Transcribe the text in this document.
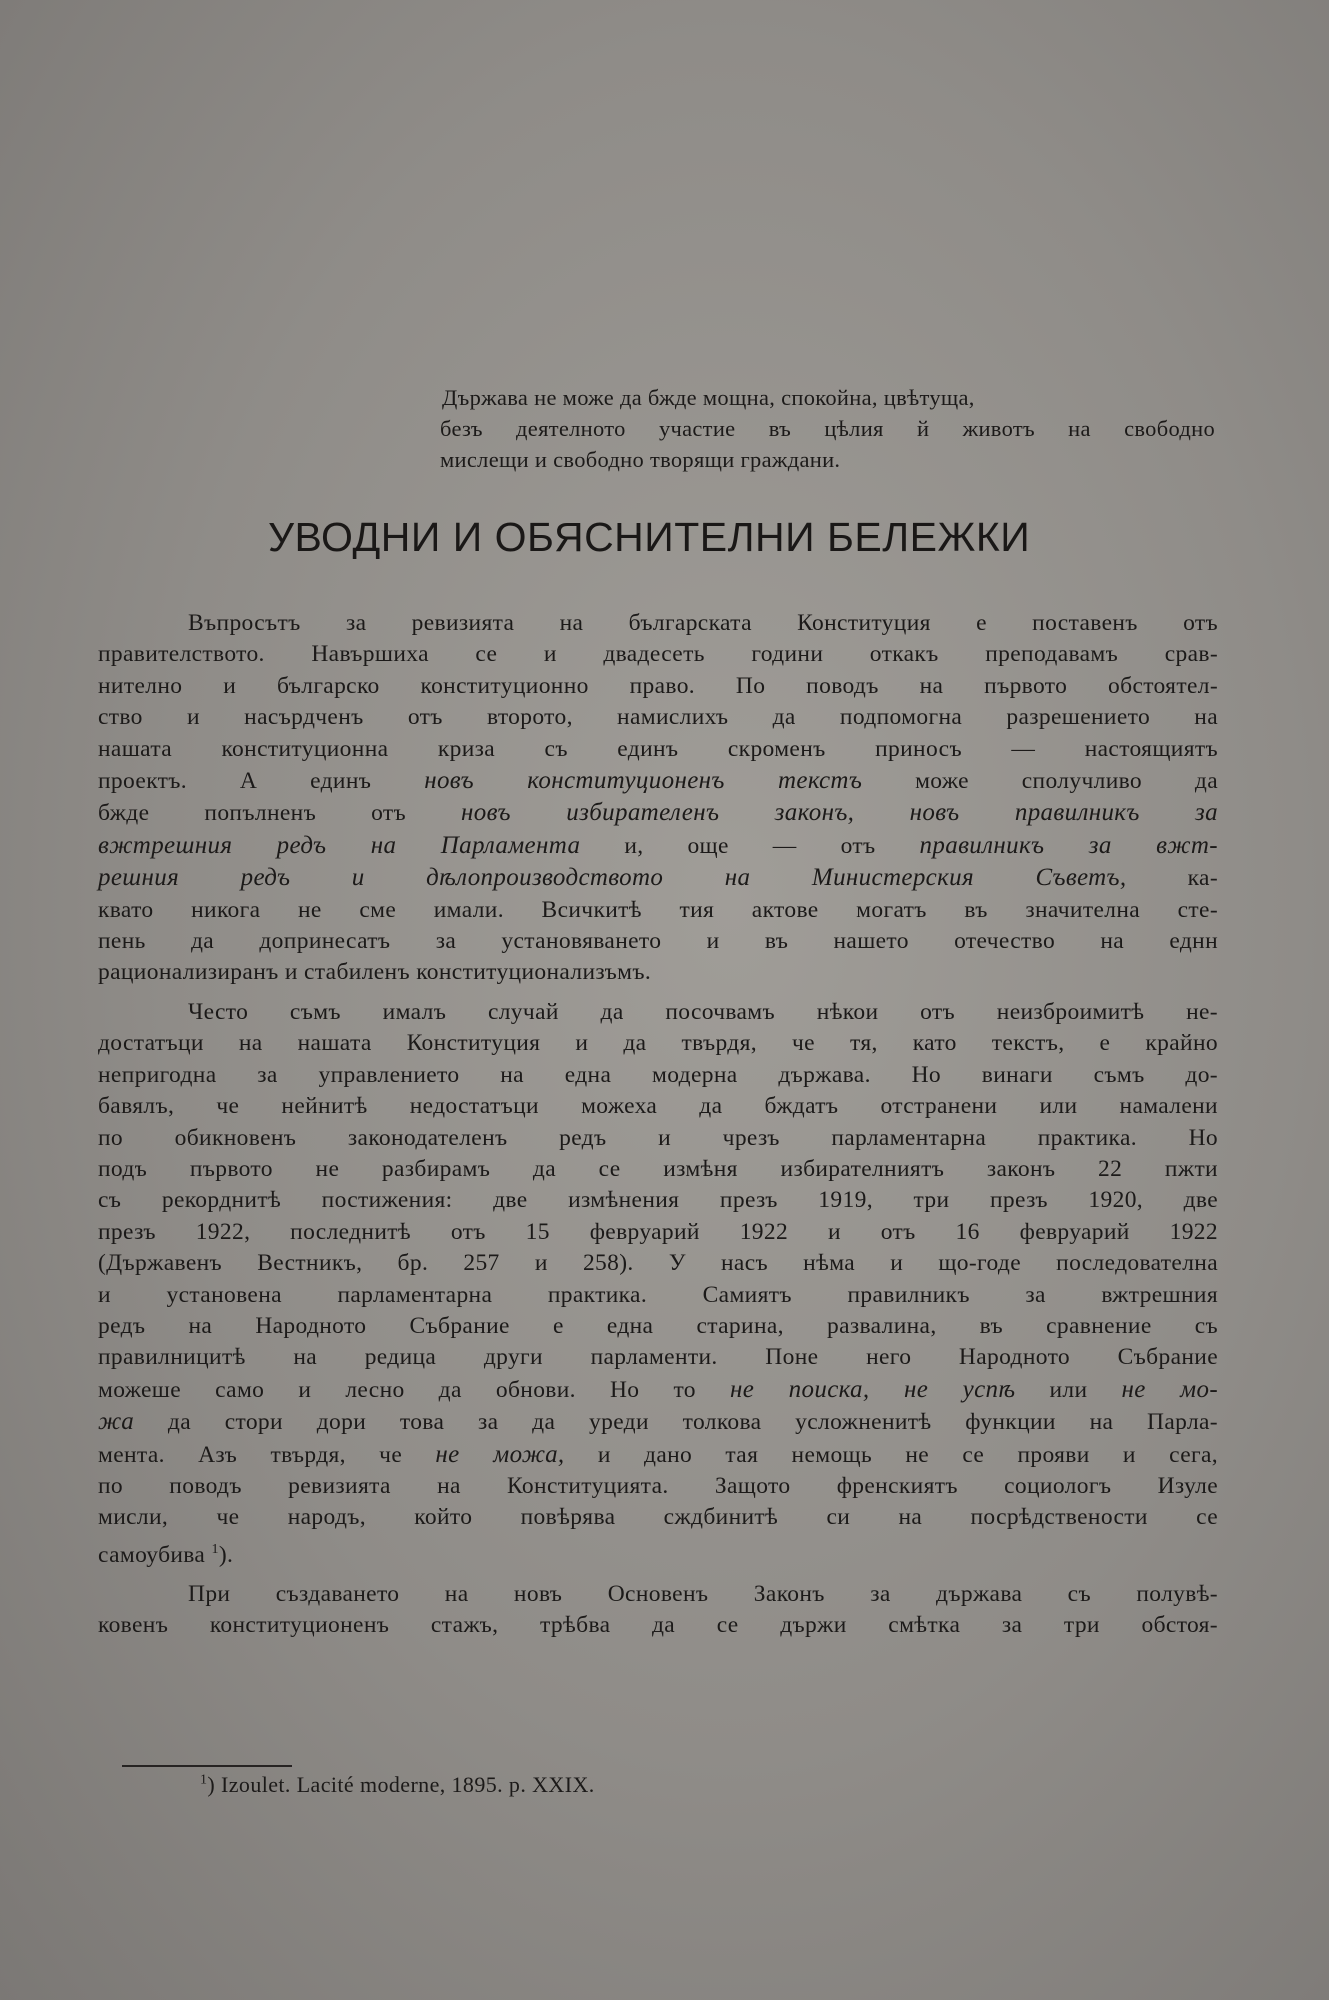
Държава не може да бжде мощна, спокойна, цвѣтуща,
безъ деятелното участие въ цѣлия й животъ на свободно
мислещи и свободно творящи граждани.
УВОДНИ И ОБЯСНИТЕЛНИ БЕЛЕЖКИ
Въпросътъ за ревизията на българската Конституция е поставенъ отъ
правителството. Навършиха се и двадесеть години откакъ преподавамъ срав-
нително и българско конституционно право. По поводъ на първото обстоятел-
ство и насърдченъ отъ второто, намислихъ да подпомогна разрешението на
нашата конституционна криза съ единъ скроменъ приносъ — настоящиятъ
проектъ. А единъ новъ конституционенъ текстъ може сполучливо да
бжде попълненъ отъ новъ избирателенъ законъ, новъ правилникъ за
вжтрешния редъ на Парламента и, още — отъ правилникъ за вжт-
решния редъ и дѣлопроизводството на Министерския Съветъ,	ка-
квато никога не сме имали. Всичкитѣ тия актове могатъ въ значителна сте-
пень да допринесатъ за установяването и въ нашето отечество на еднн
рационализиранъ и стабиленъ конституционализъмъ.
Често съмъ ималъ случай да посочвамъ нѣкои отъ неизброимитѣ не-
достатъци на нашата Конституция и да твърдя, че тя, като текстъ, е крайно
непригодна за управлението на една модерна държава. Но винаги съмъ до-
бавялъ, че нейнитѣ недостатъци можеха да бждатъ отстранени или намалени
по обикновенъ законодателенъ редъ и чрезъ парламентарна практика. Но
подъ първото не разбирамъ да се измѣня избирателниятъ законъ 22 пжти
съ рекорднитѣ постижения: две измѣнения презъ 1919, три презъ 1920, две
презъ 1922, последнитѣ отъ 15 февруарий 1922 и отъ 16 февруарий 1922
(Държавенъ Вестникъ, бр. 257 и 258). У насъ нѣма и що-годе последователна
и установена парламентарна практика. Самиятъ правилникъ за вжтрешния
редъ на Народното Събрание е една старина, развалина, въ сравнение съ
правилницитѣ на редица други парламенти. Поне него Народното Събрание
можеше само и лесно да обнови. Но то не поиска, не успѣ или не мо-
жа да стори дори това за да уреди толкова усложненитѣ функции на Парла-
мента. Азъ твърдя, че не можа, и дано тая немощь не се прояви и сега,
по поводъ ревизията на Конституцията. Защото френскиятъ социологъ Изуле
мисли, че народъ, който повѣрява сждбинитѣ си на посрѣдствености се
самоубива $^1$).
При създаването на новъ Основенъ Законъ за държава съ полувѣ-
ковенъ конституционенъ стажъ, трѣбва да се държи смѣтка за три обстоя-
$^1$) Izoulet. Lacité moderne, 1895. p. XXIX.
